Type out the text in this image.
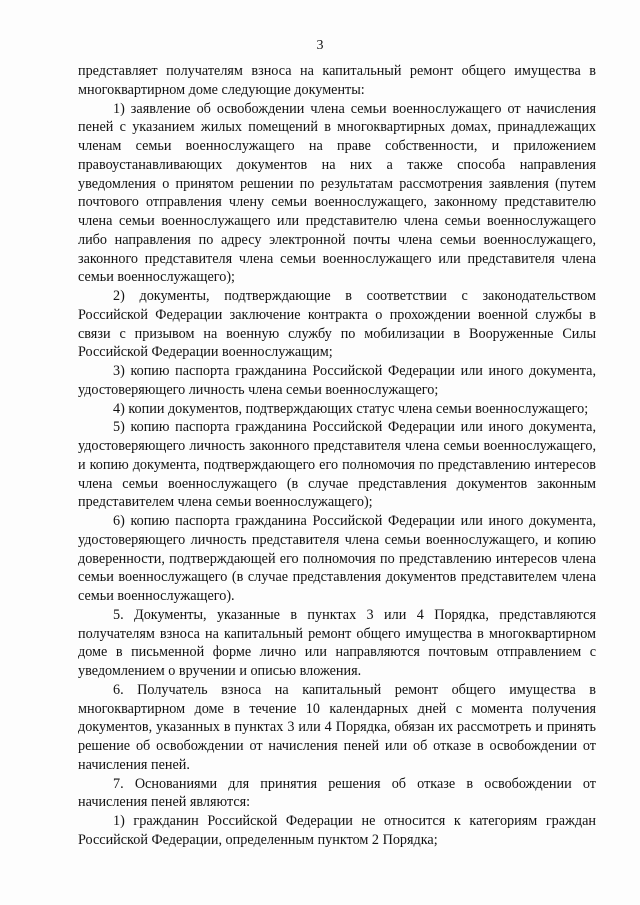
3

представляет получателям взноса на капитальный ремонт общего имущества в многоквартирном доме следующие документы:

1) заявление об освобождении члена семьи военнослужащего от начисления пеней с указанием жилых помещений в многоквартирных домах, принадлежащих членам семьи военнослужащего на праве собственности, и приложением правоустанавливающих документов на них а также способа направления уведомления о принятом решении по результатам рассмотрения заявления (путем почтового отправления члену семьи военнослужащего, законному представителю члена семьи военнослужащего или представителю члена семьи военнослужащего либо направления по адресу электронной почты члена семьи военнослужащего, законного представителя члена семьи военнослужащего или представителя члена семьи военнослужащего);

2) документы, подтверждающие в соответствии с законодательством Российской Федерации заключение контракта о прохождении военной службы в связи с призывом на военную службу по мобилизации в Вооруженные Силы Российской Федерации военнослужащим;

3) копию паспорта гражданина Российской Федерации или иного документа, удостоверяющего личность члена семьи военнослужащего;

4) копии документов, подтверждающих статус члена семьи военнослужащего;

5) копию паспорта гражданина Российской Федерации или иного документа, удостоверяющего личность законного представителя члена семьи военнослужащего, и копию документа, подтверждающего его полномочия по представлению интересов члена семьи военнослужащего (в случае представления документов законным представителем члена семьи военнослужащего);

6) копию паспорта гражданина Российской Федерации или иного документа, удостоверяющего личность представителя члена семьи военнослужащего, и копию доверенности, подтверждающей его полномочия по представлению интересов члена семьи военнослужащего (в случае представления документов представителем члена семьи военнослужащего).

5. Документы, указанные в пунктах 3 или 4 Порядка, представляются получателям взноса на капитальный ремонт общего имущества в многоквартирном доме в письменной форме лично или направляются почтовым отправлением с уведомлением о вручении и описью вложения.

6. Получатель взноса на капитальный ремонт общего имущества в многоквартирном доме в течение 10 календарных дней с момента получения документов, указанных в пунктах 3 или 4 Порядка, обязан их рассмотреть и принять решение об освобождении от начисления пеней или об отказе в освобождении от начисления пеней.

7. Основаниями для принятия решения об отказе в освобождении от начисления пеней являются:

1) гражданин Российской Федерации не относится к категориям граждан Российской Федерации, определенным пунктом 2 Порядка;
